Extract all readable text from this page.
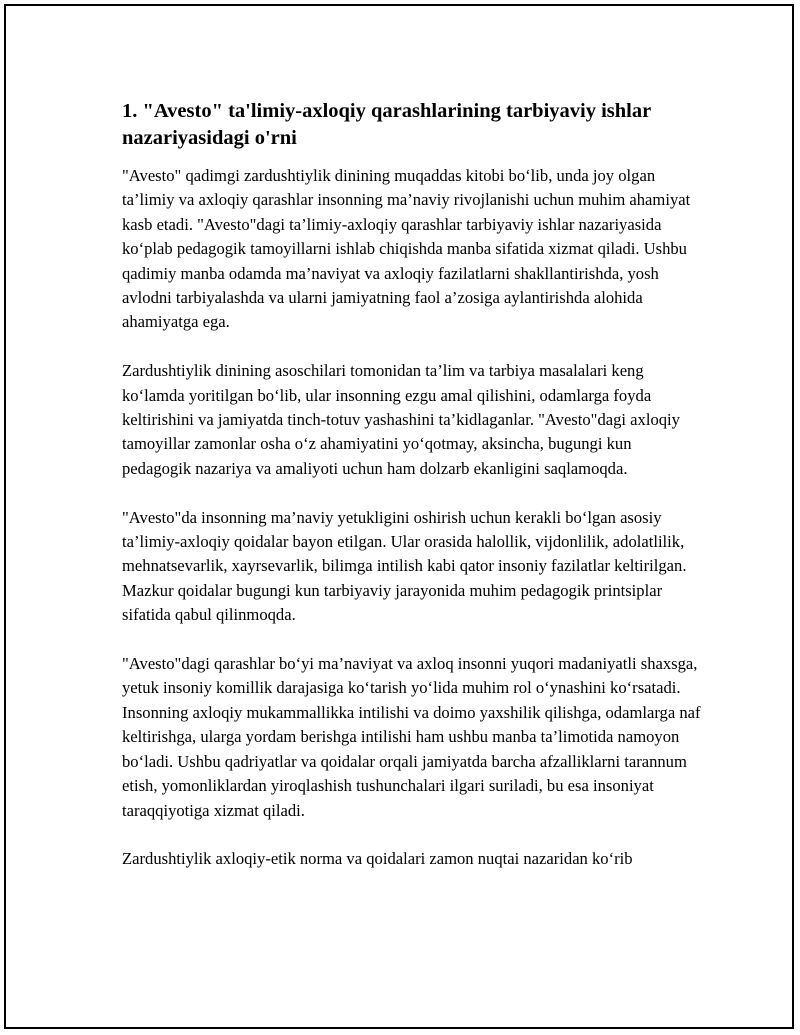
1. "Avesto" ta'limiy-axloqiy qarashlarining tarbiyaviy ishlar nazariyasidagi o'rni

"Avesto" qadimgi zardushtiylik dinining muqaddas kitobi bo‘lib, unda joy olgan ta’limiy va axloqiy qarashlar insonning ma’naviy rivojlanishi uchun muhim ahamiyat kasb etadi. "Avesto"dagi ta’limiy-axloqiy qarashlar tarbiyaviy ishlar nazariyasida ko‘plab pedagogik tamoyillarni ishlab chiqishda manba sifatida xizmat qiladi. Ushbu qadimiy manba odamda ma’naviyat va axloqiy fazilatlarni shakllantirishda, yosh avlodni tarbiyalashda va ularni jamiyatning faol a’zosiga aylantirishda alohida ahamiyatga ega.

Zardushtiylik dinining asoschilari tomonidan ta’lim va tarbiya masalalari keng ko‘lamda yoritilgan bo‘lib, ular insonning ezgu amal qilishini, odamlarga foyda keltirishini va jamiyatda tinch-totuv yashashini ta’kidlaganlar. "Avesto"dagi axloqiy tamoyillar zamonlar osha o‘z ahamiyatini yo‘qotmay, aksincha, bugungi kun pedagogik nazariya va amaliyoti uchun ham dolzarb ekanligini saqlamoqda.

"Avesto"da insonning ma’naviy yetukligini oshirish uchun kerakli bo‘lgan asosiy ta’limiy-axloqiy qoidalar bayon etilgan. Ular orasida halollik, vijdonlilik, adolatlilik, mehnatsevarlik, xayrsevarlik, bilimga intilish kabi qator insoniy fazilatlar keltirilgan. Mazkur qoidalar bugungi kun tarbiyaviy jarayonida muhim pedagogik printsiplar sifatida qabul qilinmoqda.

"Avesto"dagi qarashlar bo‘yi ma’naviyat va axloq insonni yuqori madaniyatli shaxsga, yetuk insoniy komillik darajasiga ko‘tarish yo‘lida muhim rol o‘ynashini ko‘rsatadi. Insonning axloqiy mukammallikka intilishi va doimo yaxshilik qilishga, odamlarga naf keltirishga, ularga yordam berishga intilishi ham ushbu manba ta’limotida namoyon bo‘ladi. Ushbu qadriyatlar va qoidalar orqali jamiyatda barcha afzalliklarni tarannum etish, yomonliklardan yiroqlashish tushunchalari ilgari suriladi, bu esa insoniyat taraqqiyotiga xizmat qiladi.

Zardushtiylik axloqiy-etik norma va qoidalari zamon nuqtai nazaridan ko‘rib
